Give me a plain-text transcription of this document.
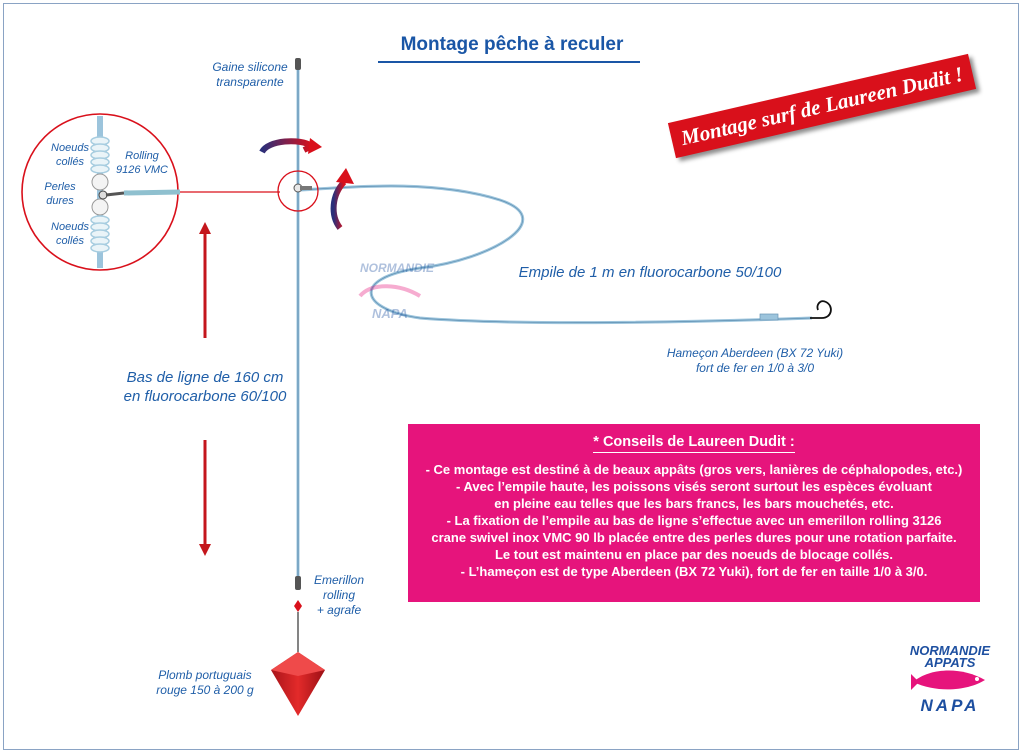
NORMANDIE
NAPA
Montage pêche à reculer
Montage surf de Laureen Dudit !
Gaine silicone
transparente
Noeuds
collés	Rolling
9126 VMC
Perles
dures
Noeuds
collés
Empile de 1 m en fluorocarbone 50/100
Hameçon Aberdeen (BX 72 Yuki)
fort de fer en 1/0 à 3/0
Bas de ligne de 160 cm
en fluorocarbone 60/100
Emerillon
rolling
+ agrafe
Plomb portuguais
rouge 150 à 200 g
* Conseils de Laureen Dudit :
- Ce montage est destiné à de beaux appâts (gros vers, lanières de céphalopodes, etc.)
- Avec l’empile haute, les poissons visés seront surtout les espèces évoluant
en pleine eau telles que les bars francs, les bars mouchetés, etc.
- La fixation de l’empile au bas de ligne s’effectue avec un emerillon rolling 3126
crane swivel inox VMC 90 lb placée entre des perles dures pour une rotation parfaite.
Le tout est maintenu en place par des noeuds de blocage collés.
- L’hameçon est de type Aberdeen (BX 72 Yuki), fort de fer en taille 1/0 à 3/0.
NORMANDIE
APPATS
NAPA
